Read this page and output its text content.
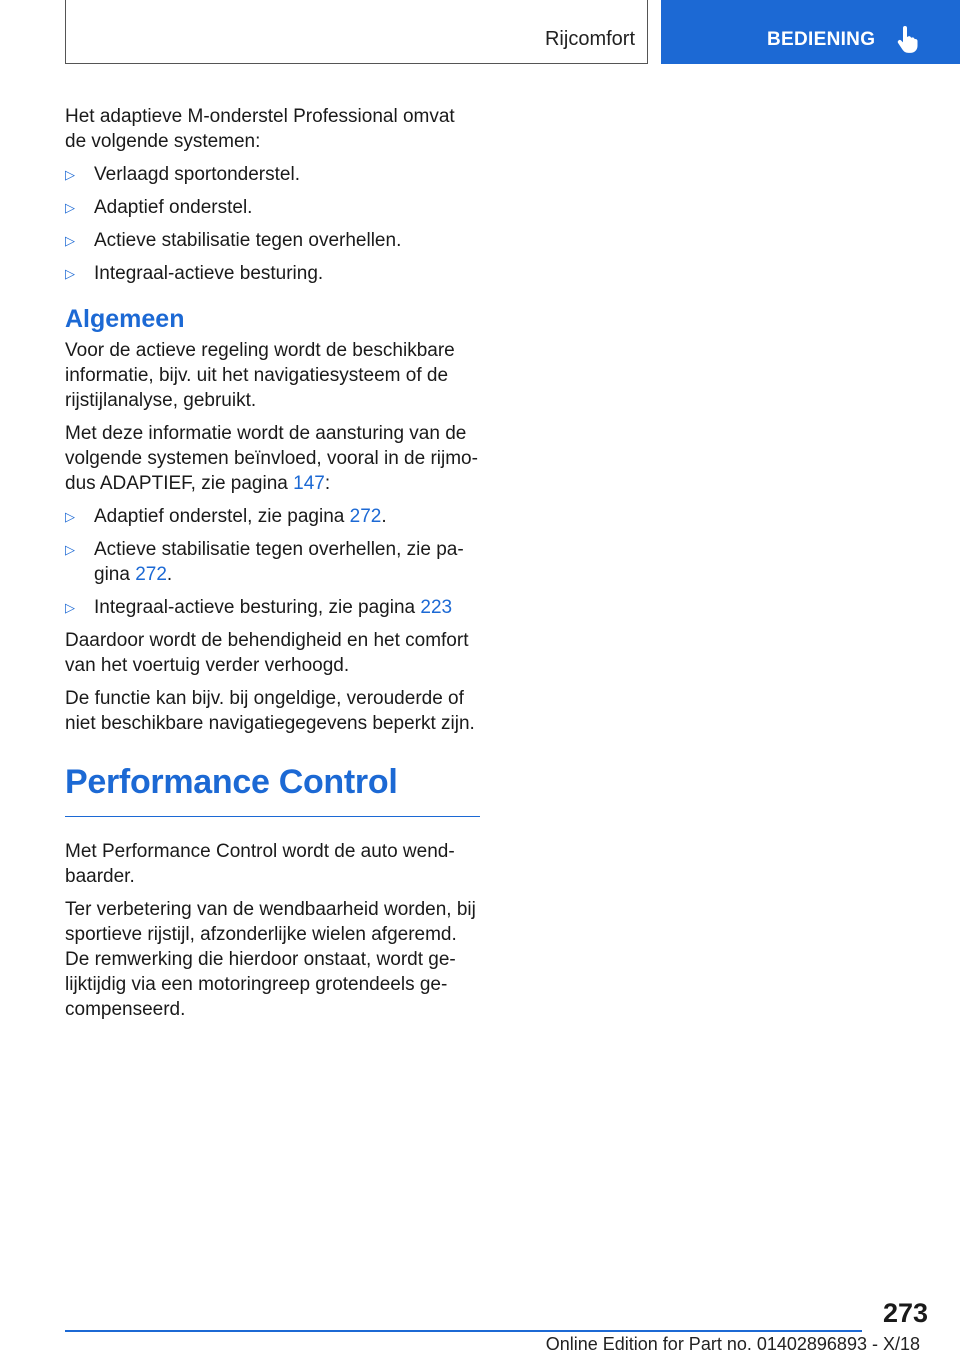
Rijcomfort	BEDIENING

Het adaptieve M-onderstel Professional omvat de volgende systemen:

▷ Verlaagd sportonderstel.
▷ Adaptief onderstel.
▷ Actieve stabilisatie tegen overhellen.
▷ Integraal-actieve besturing.
Algemeen

Voor de actieve regeling wordt de beschikbare informatie, bijv. uit het navigatiesysteem of de rijstijlanalyse, gebruikt.

Met deze informatie wordt de aansturing van de volgende systemen beïnvloed, vooral in de rijmodus ADAPTIEF, zie pagina 147:

▷ Adaptief onderstel, zie pagina 272.
▷ Actieve stabilisatie tegen overhellen, zie pagina 272.
▷ Integraal-actieve besturing, zie pagina 223

Daardoor wordt de behendigheid en het comfort van het voertuig verder verhoogd.

De functie kan bijv. bij ongeldige, verouderde of niet beschikbare navigatiegegevens beperkt zijn.

Performance Control

Met Performance Control wordt de auto wendbaarder.

Ter verbetering van de wendbaarheid worden, bij sportieve rijstijl, afzonderlijke wielen afgeremd. De remwerking die hierdoor onstaat, wordt gelijktijdig via een motoringreep grotendeels gecompenseerd.

273
Online Edition for Part no. 01402896893 - X/18
